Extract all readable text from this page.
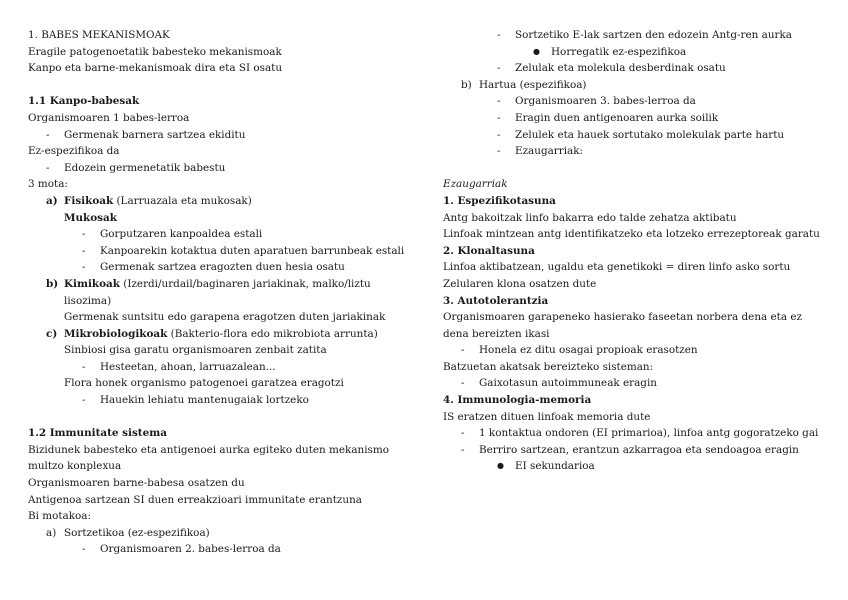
1. BABES MEKANISMOAK
Eragile patogenoetatik babesteko mekanismoak
Kanpo eta barne-mekanismoak dira eta SI osatu
1.1 Kanpo-babesak
Organismoaren 1 babes-lerroa
-	Germenak barnera sartzea ekiditu
Ez-espezifikoa da
-	Edozein germenetatik babestu
3 mota:
a) Fisikoak (Larruazala eta mukosak)
Mukosak
-	Gorputzaren kanpoaldea estali
-	Kanpoarekin kotaktua duten aparatuen barrunbeak estali
-	Germenak sartzea eragozten duen hesia osatu
b) Kimikoak (Izerdi/urdail/baginaren jariakinak, malko/liztu lisozima)
Germenak suntsitu edo garapena eragotzen duten jariakinak
c) Mikrobiologikoak (Bakterio-flora edo mikrobiota arrunta)
Sinbiosi gisa garatu organismoaren zenbait zatita
-	Hesteetan, ahoan, larruazalean...
Flora honek organismo patogenoei garatzea eragotzi
-	Hauekin lehiatu mantenugaiak lortzeko
1.2 Immunitate sistema
Bizidunek babesteko eta antigenoei aurka egiteko duten mekanismo multzo konplexua
Organismoaren barne-babesa osatzen du
Antigenoa sartzean SI duen erreakzioari immunitate erantzuna
Bi motakoa:
a) Sortzetikoa (ez-espezifikoa)
-	Organismoaren 2. babes-lerroa da
-	Sortzetiko E-lak sartzen den edozein Antg-ren aurka
●	Horregatik ez-espezifikoa
-	Zelulak eta molekula desberdinak osatu
b) Hartua (espezifikoa)
-	Organismoaren 3. babes-lerroa da
-	Eragin duen antigenoaren aurka soilik
-	Zelulek eta hauek sortutako molekulak parte hartu
-	Ezaugarriak:
Ezaugarriak
1. Espezifikotasuna
Antg bakoitzak linfo bakarra edo talde zehatza aktibatu
Linfoak mintzean antg identifikatzeko eta lotzeko errezeptoreak garatu
2. Klonaltasuna
Linfoa aktibatzean, ugaldu eta genetikoki = diren linfo asko sortu
Zelularen klona osatzen dute
3. Autotolerantzia
Organismoaren garapeneko hasierako faseetan norbera dena eta ez dena bereizten ikasi
-	Honela ez ditu osagai propioak erasotzen
Batzuetan akatsak bereizteko sisteman:
-	Gaixotasun autoimmuneak eragin
4. Immunologia-memoria
IS eratzen dituen linfoak memoria dute
-	1 kontaktua ondoren (EI primarioa), linfoa antg gogoratzeko gai
-	Berriro sartzean, erantzun azkarragoa eta sendoagoa eragin
●	EI sekundarioa
